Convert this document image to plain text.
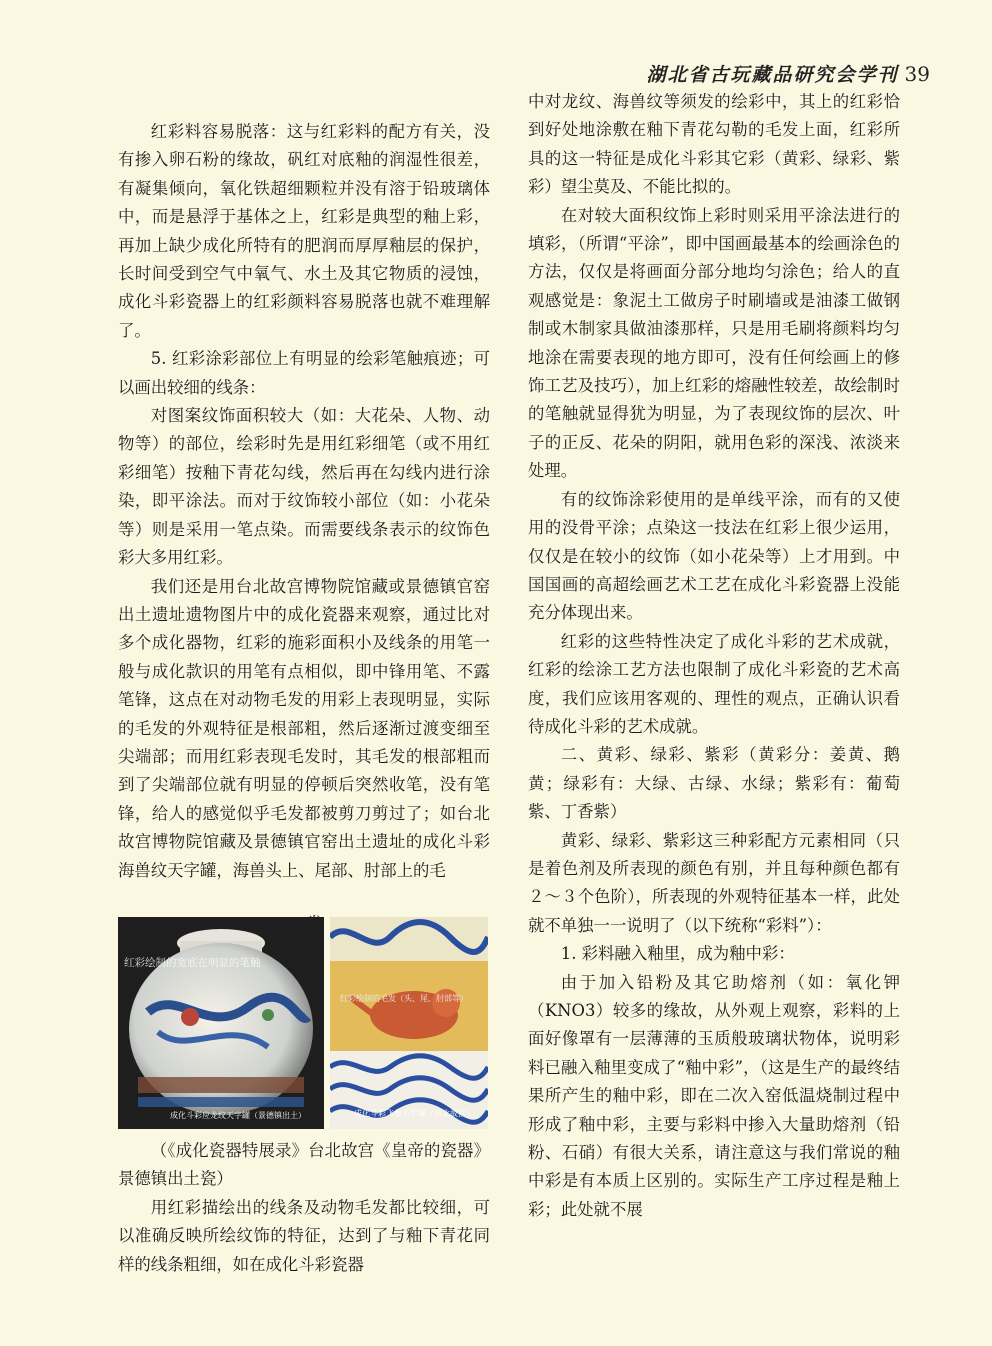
湖北省古玩藏品研究会学刊 39

红彩料容易脱落：这与红彩料的配方有关，没有掺入卵石粉的缘故，矾红对底釉的润湿性很差，有凝集倾向，氧化铁超细颗粒并没有溶于铅玻璃体中，而是悬浮于基体之上，红彩是典型的釉上彩，再加上缺少成化所特有的肥润而厚厚釉层的保护，长时间受到空气中氧气、水土及其它物质的浸蚀，成化斗彩瓷器上的红彩颜料容易脱落也就不难理解了。

5. 红彩涂彩部位上有明显的绘彩笔触痕迹；可以画出较细的线条：

对图案纹饰面积较大（如：大花朵、人物、动物等）的部位，绘彩时先是用红彩细笔（或不用红彩细笔）按釉下青花勾线，然后再在勾线内进行涂染，即平涂法。而对于纹饰较小部位（如：小花朵等）则是采用一笔点染。而需要线条表示的纹饰色彩大多用红彩。

我们还是用台北故宫博物院馆藏或景德镇官窑出土遗址遗物图片中的成化瓷器来观察，通过比对多个成化器物，红彩的施彩面积小及线条的用笔一般与成化款识的用笔有点相似，即中锋用笔、不露笔锋，这点在对动物毛发的用彩上表现明显，实际的毛发的外观特征是根部粗，然后逐渐过渡变细至尖端部；而用红彩表现毛发时，其毛发的根部粗而到了尖端部位就有明显的停顿后突然收笔，没有笔锋，给人的感觉似乎毛发都被剪刀剪过了；如台北故宫博物院馆藏及景德镇官窑出土遗址的成化斗彩海兽纹天字罐，海兽头上、尾部、肘部上的毛

红彩绘制的宽底在明显的笔触
成化斗彩应龙纹天字罐（景德镇出土）
红彩绘制的毛发（头、尾、肘部等）
成化斗彩飞象天字罐（台北故宫）

（《成化瓷器特展录》台北故宫《皇帝的瓷器》景德镇出土瓷）

用红彩描绘出的线条及动物毛发都比较细，可以准确反映所绘纹饰的特征，达到了与釉下青花同样的线条粗细，如在成化斗彩瓷器

中对龙纹、海兽纹等须发的绘彩中，其上的红彩恰到好处地涂敷在釉下青花勾勒的毛发上面，红彩所具的这一特征是成化斗彩其它彩（黄彩、绿彩、紫彩）望尘莫及、不能比拟的。

在对较大面积纹饰上彩时则采用平涂法进行的填彩，（所谓“平涂”，即中国画最基本的绘画涂色的方法，仅仅是将画面分部分地均匀涂色；给人的直观感觉是：象泥土工做房子时刷墙或是油漆工做钢制或木制家具做油漆那样，只是用毛刷将颜料均匀地涂在需要表现的地方即可，没有任何绘画上的修饰工艺及技巧），加上红彩的熔融性较差，故绘制时的笔触就显得犹为明显，为了表现纹饰的层次、叶子的正反、花朵的阴阳，就用色彩的深浅、浓淡来处理。

有的纹饰涂彩使用的是单线平涂，而有的又使用的没骨平涂；点染这一技法在红彩上很少运用，仅仅是在较小的纹饰（如小花朵等）上才用到。中国国画的高超绘画艺术工艺在成化斗彩瓷器上没能充分体现出来。

红彩的这些特性决定了成化斗彩的艺术成就，红彩的绘涂工艺方法也限制了成化斗彩瓷的艺术高度，我们应该用客观的、理性的观点，正确认识看待成化斗彩的艺术成就。

二、黄彩、绿彩、紫彩（黄彩分：姜黄、鹅黄；绿彩有：大绿、古绿、水绿；紫彩有：葡萄紫、丁香紫）

黄彩、绿彩、紫彩这三种彩配方元素相同（只是着色剂及所表现的颜色有别，并且每种颜色都有２～３个色阶），所表现的外观特征基本一样，此处就不单独一一说明了（以下统称“彩料”）：

1. 彩料融入釉里，成为釉中彩：

由于加入铅粉及其它助熔剂（如：氧化钾（KNO3）较多的缘故，从外观上观察，彩料的上面好像罩有一层薄薄的玉质般玻璃状物体，说明彩料已融入釉里变成了“釉中彩”，（这是生产的最终结果所产生的釉中彩，即在二次入窑低温烧制过程中形成了釉中彩，主要与彩料中掺入大量助熔剂（铅粉、石硝）有很大关系，请注意这与我们常说的釉中彩是有本质上区别的。实际生产工序过程是釉上彩；此处就不展
